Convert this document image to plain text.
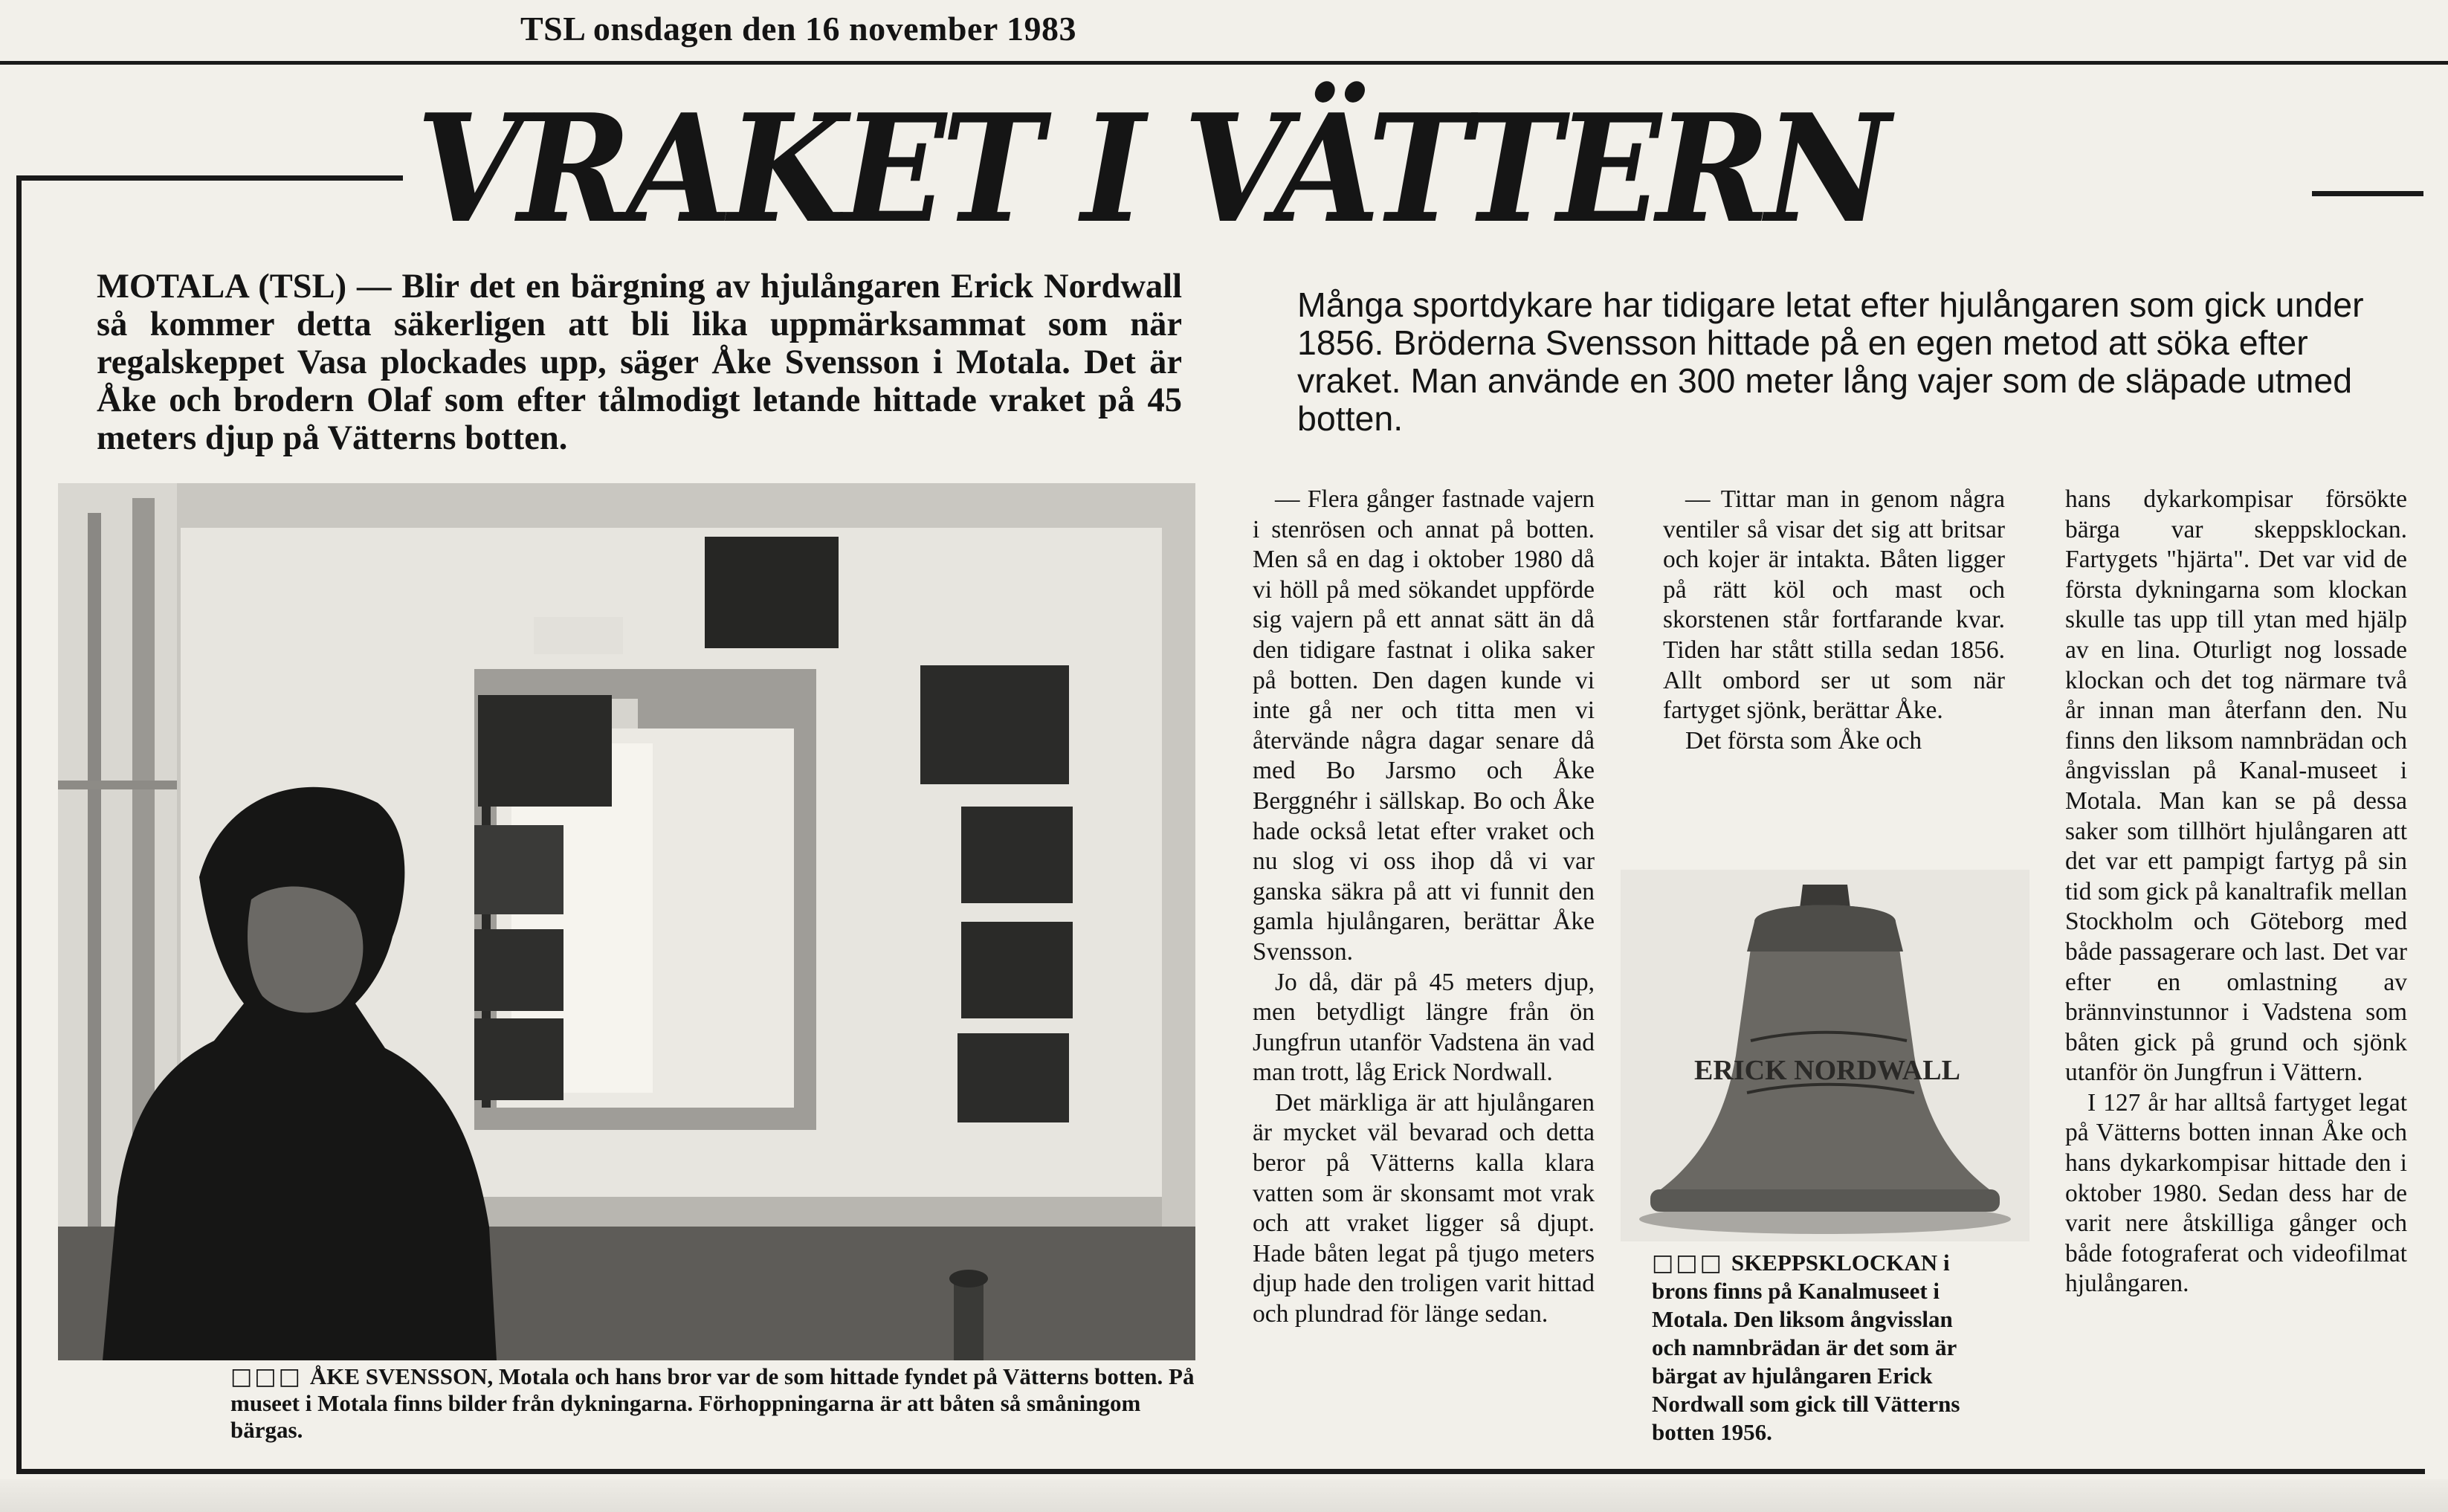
TSL onsdagen den 16 november 1983
VRAKET I VÄTTERN

MOTALA (TSL) — Blir det en bärgning av hjulångaren Erick Nordwall så kommer detta säkerligen att bli lika uppmärksammat som när regalskeppet Vasa plockades upp, säger Åke Svensson i Motala. Det är Åke och brodern Olaf som efter tålmodigt letande hittade vraket på 45 meters djup på Vätterns botten.

Många sportdykare har tidigare letat efter hjulångaren som gick under 1856. Bröderna Svensson hittade på en egen metod att söka efter vraket. Man använde en 300 meter lång vajer som de släpade utmed botten.

□□□ ÅKE SVENSSON, Motala och hans bror var de som hittade fyndet på Vätterns botten. På museet i Motala finns bilder från dykningarna. Förhoppningarna är att båten så småningom bärgas.

— Flera gånger fastnade vajern i stenrösen och annat på botten. Men så en dag i oktober 1980 då vi höll på med sökandet uppförde sig vajern på ett annat sätt än då den tidigare fastnat i olika saker på botten. Den dagen kunde vi inte gå ner och titta men vi återvände några dagar senare då med Bo Jarsmo och Åke Berggnéhr i sällskap. Bo och Åke hade också letat efter vraket och nu slog vi oss ihop då vi var ganska säkra på att vi funnit den gamla hjulångaren, berättar Åke Svensson.

Jo då, där på 45 meters djup, men betydligt längre från ön Jungfrun utanför Vadstena än vad man trott, låg Erick Nordwall.

Det märkliga är att hjulångaren är mycket väl bevarad och detta beror på Vätterns kalla klara vatten som är skonsamt mot vrak och att vraket ligger så djupt. Hade båten legat på tjugo meters djup hade den troligen varit hittad och plundrad för länge sedan.

— Tittar man in genom några ventiler så visar det sig att britsar och kojer är intakta. Båten ligger på rätt köl och mast och skorstenen står fortfarande kvar. Tiden har stått stilla sedan 1856. Allt ombord ser ut som när fartyget sjönk, berättar Åke.

Det första som Åke och

ERICK NORDWALL

□□□ SKEPPSKLOCKAN i brons finns på Kanalmuseet i Motala. Den liksom ångvisslan och namnbrädan är det som är bärgat av hjulångaren Erick Nordwall som gick till Vätterns botten 1956.

hans dykarkompisar försökte bärga var skeppsklockan. Fartygets "hjärta". Det var vid de första dykningarna som klockan skulle tas upp till ytan med hjälp av en lina. Oturligt nog lossade klockan och det tog närmare två år innan man återfann den. Nu finns den liksom namnbrädan och ångvisslan på Kanal-museet i Motala. Man kan se på dessa saker som tillhört hjulångaren att det var ett pampigt fartyg på sin tid som gick på kanaltrafik mellan Stockholm och Göteborg med både passagerare och last. Det var efter en omlastning av brännvinstunnor i Vadstena som båten gick på grund och sjönk utanför ön Jungfrun i Vättern.

I 127 år har alltså fartyget legat på Vätterns botten innan Åke och hans dykarkompisar hittade den i oktober 1980. Sedan dess har de varit nere åtskilliga gånger och både fotograferat och videofilmat hjulångaren.
